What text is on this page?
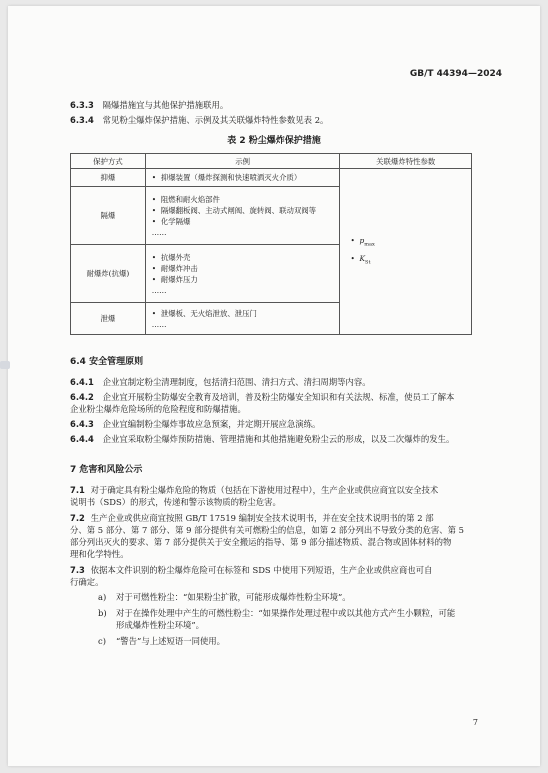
GB/T 44394—2024
6.3.3 隔爆措施宜与其他保护措施联用。
6.3.4 常见粉尘爆炸保护措施、示例及其关联爆炸特性参数见表 2。
表 2 粉尘爆炸保护措施
保护方式	示例	关联爆炸特性参数
抑爆	•  抑爆装置（爆炸探测和快速喷洒灭火介质）	•  $p_{max}$
•  $K_{St}$

隔爆	•  阻燃和耐火焰部件
•  隔爆翻板阀、主动式闸阀、旋转阀、联动双阀等
•  化学隔爆
……	

耐爆炸(抗爆)	•  抗爆外壳
•  耐爆炸冲击
•  耐爆炸压力
……	

泄爆	•  泄爆板、无火焰泄放、泄压门
……	
6.4 安全管理原则
6.4.1 企业宜制定粉尘清理制度，包括清扫范围、清扫方式、清扫周期等内容。
6.4.2 企业宜开展粉尘防爆安全教育及培训，普及粉尘防爆安全知识和有关法规、标准，使员工了解本
企业粉尘爆炸危险场所的危险程度和防爆措施。
6.4.3 企业宜编制粉尘爆炸事故应急预案，并定期开展应急演练。
6.4.4 企业宜采取粉尘爆炸预防措施、管理措施和其他措施避免粉尘云的形成，以及二次爆炸的发生。
7 危害和风险公示
7.1 对于确定具有粉尘爆炸危险的物质（包括在下游使用过程中），生产企业或供应商宜以安全技术
说明书（SDS）的形式，传递和警示该物质的粉尘危害。
7.2 生产企业或供应商宜按照 GB/T 17519 编制安全技术说明书，并在安全技术说明书的第 2 部
分、第 5 部分、第 7 部分、第 9 部分提供有关可燃粉尘的信息，如第 2 部分列出不导致分类的危害、第 5
部分列出灭火的要求、第 7 部分提供关于安全搬运的指导、第 9 部分描述物质、混合物或固体材料的物
理和化学特性。
7.3 依据本文件识别的粉尘爆炸危险可在标签和 SDS 中使用下列短语，生产企业或供应商也可自
行确定。
a) 对于可燃性粉尘：“如果粉尘扩散，可能形成爆炸性粉尘环境”。
b) 对于在操作处理中产生的可燃性粉尘：“如果操作处理过程中或以其他方式产生小颗粒，可能
形成爆炸性粉尘环境”。
c) “警告”与上述短语一同使用。
7
